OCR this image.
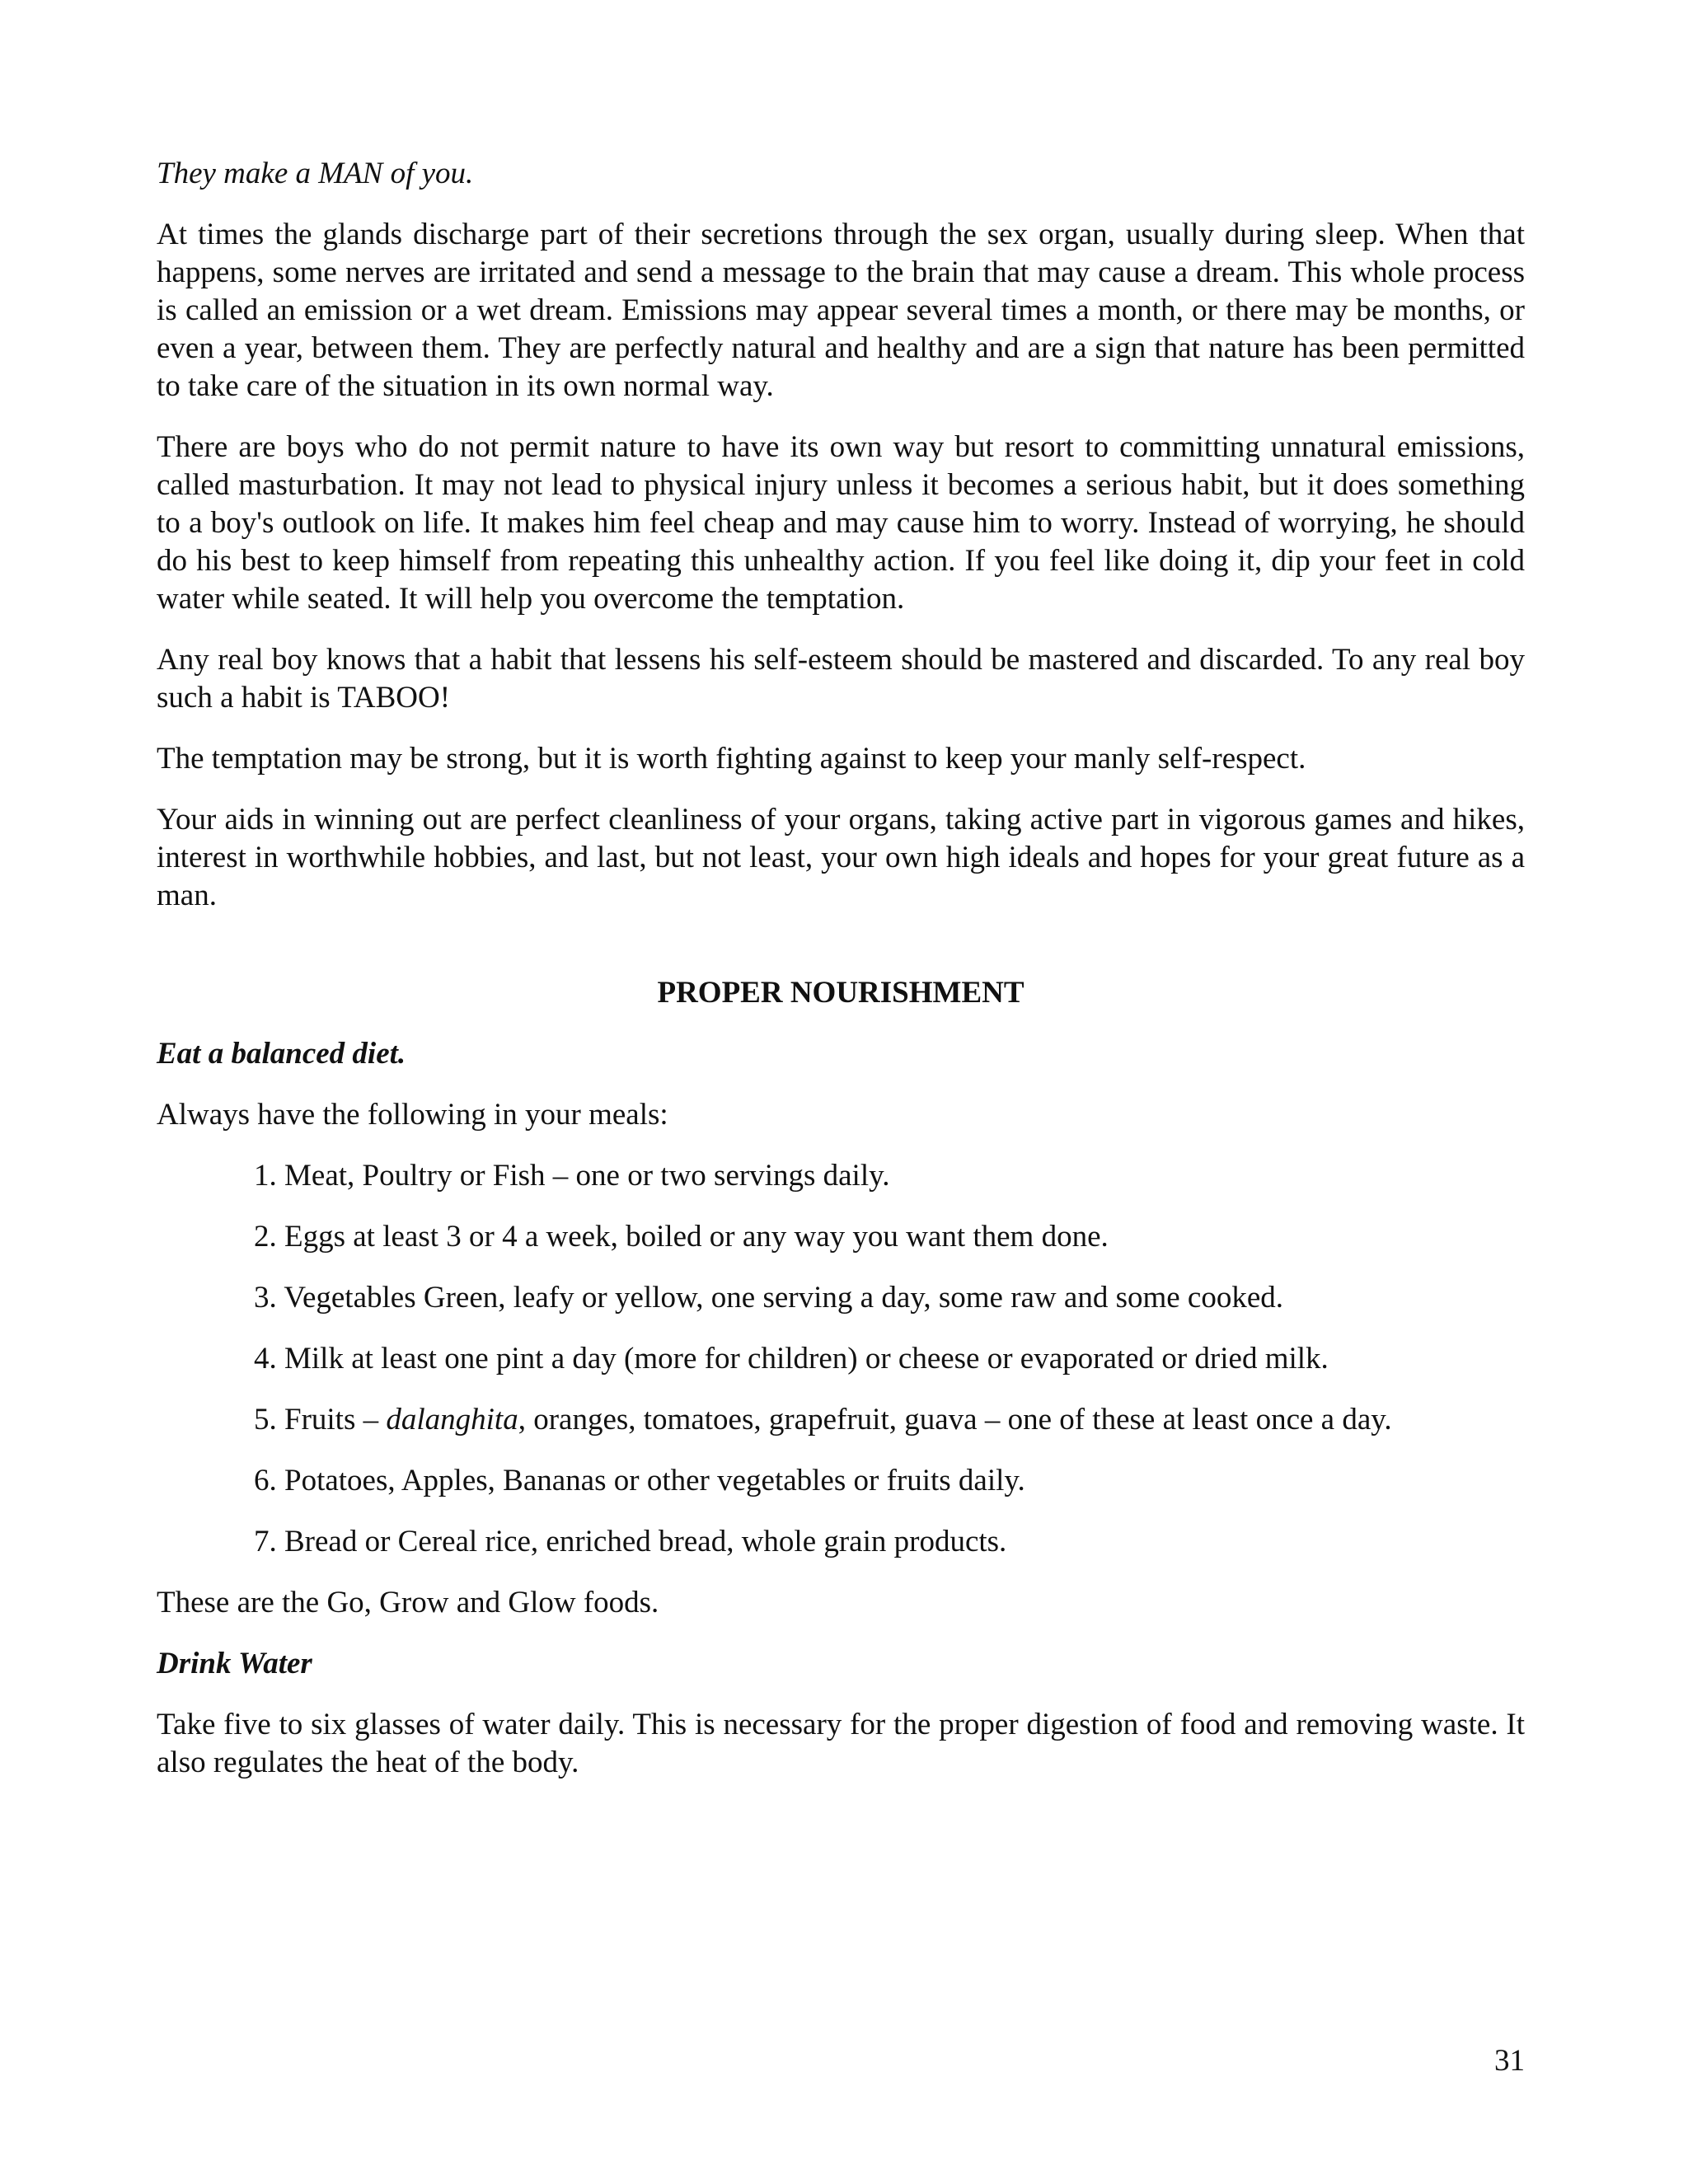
They make a MAN of you.

At times the glands discharge part of their secretions through the sex organ, usually during sleep. When that happens, some nerves are irritated and send a message to the brain that may cause a dream. This whole process is called an emission or a wet dream. Emissions may appear several times a month, or there may be months, or even a year, between them. They are perfectly natural and healthy and are a sign that nature has been permitted to take care of the situation in its own normal way.

There are boys who do not permit nature to have its own way but resort to committing unnatural emissions, called masturbation. It may not lead to physical injury unless it becomes a serious habit, but it does something to a boy's outlook on life. It makes him feel cheap and may cause him to worry. Instead of worrying, he should do his best to keep himself from repeating this unhealthy action. If you feel like doing it, dip your feet in cold water while seated. It will help you overcome the temptation.

Any real boy knows that a habit that lessens his self-esteem should be mastered and discarded. To any real boy such a habit is TABOO!

The temptation may be strong, but it is worth fighting against to keep your manly self-respect.

Your aids in winning out are perfect cleanliness of your organs, taking active part in vigorous games and hikes, interest in worthwhile hobbies, and last, but not least, your own high ideals and hopes for your great future as a man.

PROPER NOURISHMENT
Eat a balanced diet.

Always have the following in your meals:

1. Meat, Poultry or Fish – one or two servings daily.
2. Eggs at least 3 or 4 a week, boiled or any way you want them done.
3. Vegetables Green, leafy or yellow, one serving a day, some raw and some cooked.
4. Milk at least one pint a day (more for children) or cheese or evaporated or dried milk.
5. Fruits – dalanghita, oranges, tomatoes, grapefruit, guava – one of these at least once a day.
6. Potatoes, Apples, Bananas or other vegetables or fruits daily.
7. Bread or Cereal rice, enriched bread, whole grain products.

These are the Go, Grow and Glow foods.

Drink Water

Take five to six glasses of water daily. This is necessary for the proper digestion of food and removing waste. It also regulates the heat of the body.

31
